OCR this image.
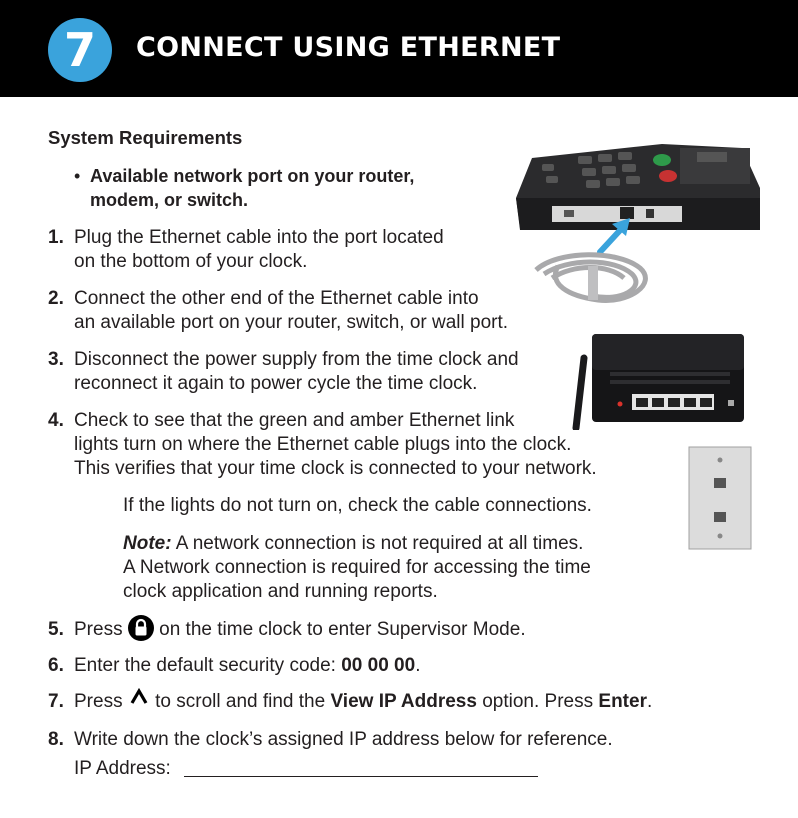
7	CONNECT USING ETHERNET
System Requirements
• Available network port on your router,
modem, or switch.
1. Plug the Ethernet cable into the port located
on the bottom of your clock.
2. Connect the other end of the Ethernet cable into
an available port on your router, switch, or wall port.
3. Disconnect the power supply from the time clock and
reconnect it again to power cycle the time clock.
4. Check to see that the green and amber Ethernet link
lights turn on where the Ethernet cable plugs into the clock.
This verifies that your time clock is connected to your network.
If the lights do not turn on, check the cable connections.
Note: A network connection is not required at all times.
A Network connection is required for accessing the time
clock application and running reports.
5. Press on the time clock to enter Supervisor Mode.
6. Enter the default security code: 00 00 00.
7. Press to scroll and find the View IP Address option. Press Enter.
8. Write down the clock’s assigned IP address below for reference.
IP Address:
